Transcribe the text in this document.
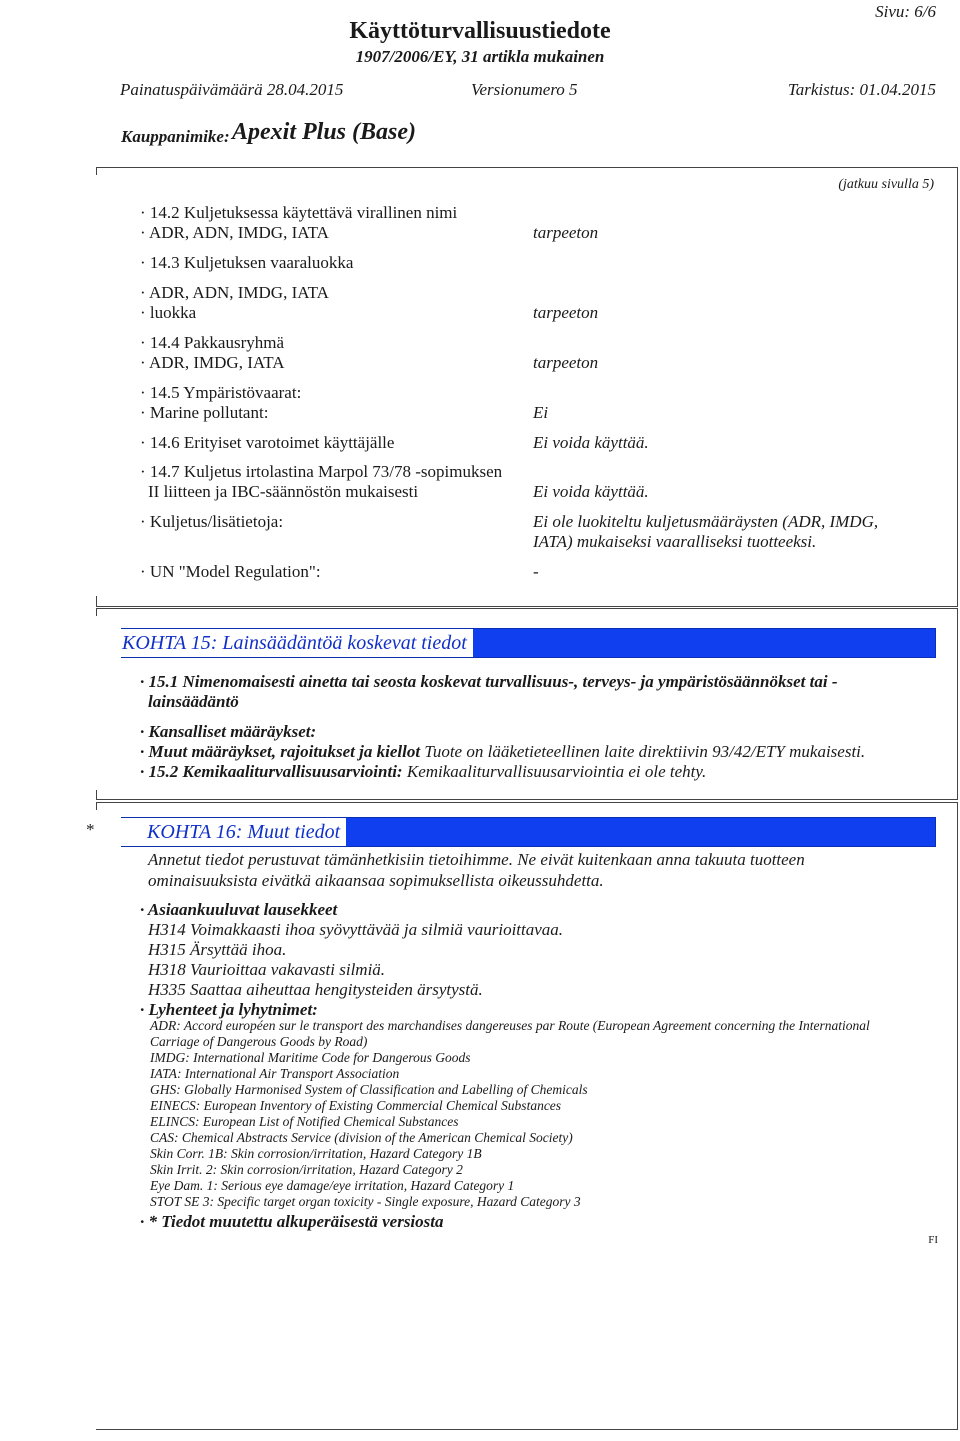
Sivu: 6/6
Käyttöturvallisuustiedote
1907/2006/EY, 31 artikla mukainen
Painatuspäivämäärä 28.04.2015	Versionumero 5	Tarkistus: 01.04.2015
Kauppanimike: Apexit Plus (Base)
(jatkuu sivulla 5)
· 14.2 Kuljetuksessa käytettävä virallinen nimi
· ADR, ADN, IMDG, IATA	tarpeeton
· 14.3 Kuljetuksen vaaraluokka
· ADR, ADN, IMDG, IATA
· luokka	tarpeeton
· 14.4 Pakkausryhmä
· ADR, IMDG, IATA	tarpeeton
· 14.5 Ympäristövaarat:
· Marine pollutant:	Ei
· 14.6 Erityiset varotoimet käyttäjälle	Ei voida käyttää.
· 14.7 Kuljetus irtolastina Marpol 73/78 -sopimuksen
II liitteen ja IBC-säännöstön mukaisesti	Ei voida käyttää.
· Kuljetus/lisätietoja:	Ei ole luokiteltu kuljetusmääräysten (ADR, IMDG,
IATA) mukaiseksi vaaralliseksi tuotteeksi.
· UN "Model Regulation":	-
KOHTA 15: Lainsäädäntöä koskevat tiedot
· 15.1 Nimenomaisesti ainetta tai seosta koskevat turvallisuus-, terveys- ja ympäristösäännökset tai -
lainsäädäntö
· Kansalliset määräykset:
· Muut määräykset, rajoitukset ja kiellot Tuote on lääketieteellinen laite direktiivin 93/42/ETY mukaisesti.
· 15.2 Kemikaaliturvallisuusarviointi: Kemikaaliturvallisuusarviointia ei ole tehty.
*	KOHTA 16: Muut tiedot
Annetut tiedot perustuvat tämänhetkisiin tietoihimme. Ne eivät kuitenkaan anna takuuta tuotteen
ominaisuuksista eivätkä aikaansaa sopimuksellista oikeussuhdetta.
· Asiaankuuluvat lausekkeet
H314 Voimakkaasti ihoa syövyttävää ja silmiä vaurioittavaa.
H315 Ärsyttää ihoa.
H318 Vaurioittaa vakavasti silmiä.
H335 Saattaa aiheuttaa hengitysteiden ärsytystä.
· Lyhenteet ja lyhytnimet:
ADR: Accord européen sur le transport des marchandises dangereuses par Route (European Agreement concerning the International
Carriage of Dangerous Goods by Road)
IMDG: International Maritime Code for Dangerous Goods
IATA: International Air Transport Association
GHS: Globally Harmonised System of Classification and Labelling of Chemicals
EINECS: European Inventory of Existing Commercial Chemical Substances
ELINCS: European List of Notified Chemical Substances
CAS: Chemical Abstracts Service (division of the American Chemical Society)
Skin Corr. 1B: Skin corrosion/irritation, Hazard Category 1B
Skin Irrit. 2: Skin corrosion/irritation, Hazard Category 2
Eye Dam. 1: Serious eye damage/eye irritation, Hazard Category 1
STOT SE 3: Specific target organ toxicity - Single exposure, Hazard Category 3
· * Tiedot muutettu alkuperäisestä versiosta
FI
